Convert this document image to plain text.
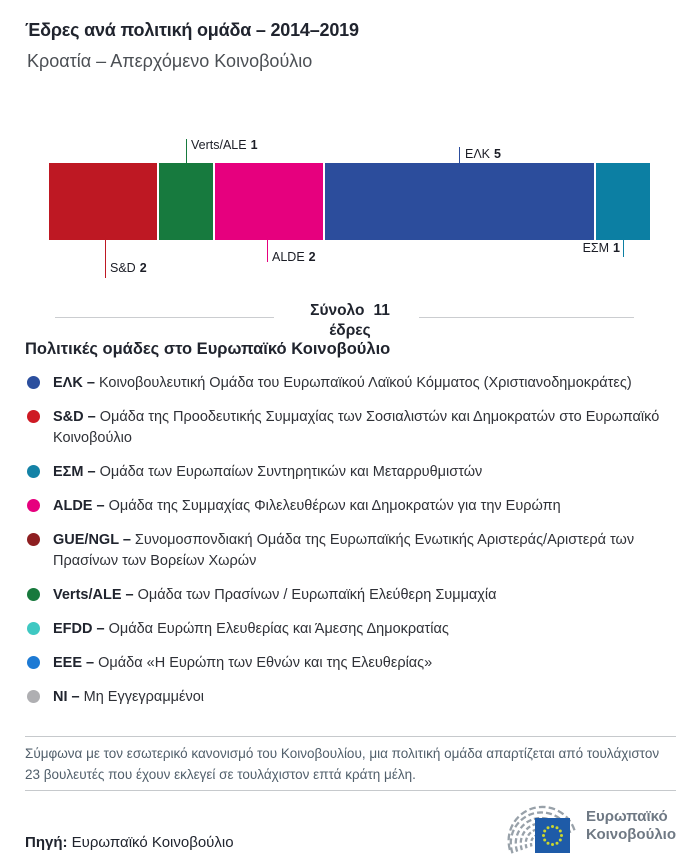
Έδρες ανά πολιτική ομάδα – 2014–2019
Κροατία – Απερχόμενο Κοινοβούλιο
Verts/ALE 1
ΕΛΚ 5
S&D 2
ALDE 2
ΕΣΜ 1
Σύνολο 11
έδρες
Πολιτικές ομάδες στο Ευρωπαϊκό Κοινοβούλιο
ΕΛΚ – Κοινοβουλευτική Ομάδα του Ευρωπαϊκού Λαϊκού Κόμματος (Χριστιανοδημοκράτες)
S&D – Ομάδα της Προοδευτικής Συμμαχίας των Σοσιαλιστών και Δημοκρατών στο Ευρωπαϊκό Κοινοβούλιο
ΕΣΜ – Ομάδα των Ευρωπαίων Συντηρητικών και Μεταρρυθμιστών
ALDE – Ομάδα της Συμμαχίας Φιλελευθέρων και Δημοκρατών για την Ευρώπη
GUE/NGL – Συνομοσπονδιακή Ομάδα της Ευρωπαϊκής Ενωτικής Αριστεράς/Αριστερά των Πρασίνων των Βορείων Χωρών
Verts/ALE – Ομάδα των Πρασίνων / Ευρωπαϊκή Ελεύθερη Συμμαχία
EFDD – Ομάδα Ευρώπη Ελευθερίας και Άμεσης Δημοκρατίας
ΕΕΕ – Ομάδα «Η Ευρώπη των Εθνών και της Ελευθερίας»
NI – Μη Εγγεγραμμένοι

Σύμφωνα με τον εσωτερικό κανονισμό του Κοινοβουλίου, μια πολιτική ομάδα απαρτίζεται από τουλάχιστον 23 βουλευτές που έχουν εκλεγεί σε τουλάχιστον επτά κράτη μέλη.

Πηγή: Ευρωπαϊκό Κοινοβούλιο
Ευρωπαϊκό
Κοινοβούλιο
